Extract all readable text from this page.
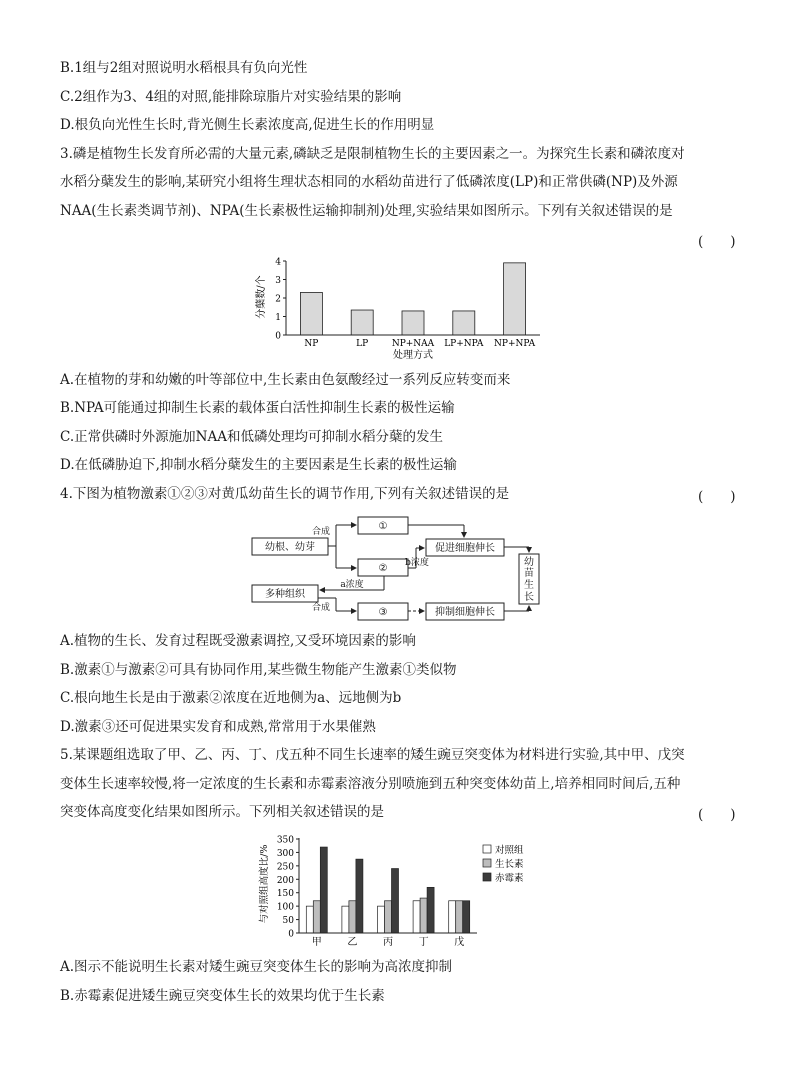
B.1组与2组对照说明水稻根具有负向光性
C.2组作为3、4组的对照,能排除琼脂片对实验结果的影响
D.根负向光性生长时,背光侧生长素浓度高,促进生长的作用明显
3.磷是植物生长发育所必需的大量元素,磷缺乏是限制植物生长的主要因素之一。为探究生长素和磷浓度对
水稻分蘖发生的影响,某研究小组将生理状态相同的水稻幼苗进行了低磷浓度(LP)和正常供磷(NP)及外源
NAA(生长素类调节剂)、NPA(生长素极性运输抑制剂)处理,实验结果如图所示。下列有关叙述错误的是
(　　)
分蘖数/个
0
1
2
3
4
NP	LP	NP+NAA LP+NPA NP+NPA
处理方式
A.在植物的芽和幼嫩的叶等部位中,生长素由色氨酸经过一系列反应转变而来
B.NPA可能通过抑制生长素的载体蛋白活性抑制生长素的极性运输
C.正常供磷时外源施加NAA和低磷处理均可抑制水稻分蘖的发生
D.在低磷胁迫下,抑制水稻分蘖发生的主要因素是生长素的极性运输
4.下图为植物激素①②③对黄瓜幼苗生长的调节作用,下列有关叙述错误的是	(　　)
幼根、幼芽
合成	①
② b浓度
a浓度
多种组织
合成	③
促进细胞伸长
抑制细胞伸长
幼
苗
生
长
A.植物的生长、发育过程既受激素调控,又受环境因素的影响
B.激素①与激素②可具有协同作用,某些微生物能产生激素①类似物
C.根向地生长是由于激素②浓度在近地侧为a、远地侧为b
D.激素③还可促进果实发育和成熟,常常用于水果催熟
5.某课题组选取了甲、乙、丙、丁、戊五种不同生长速率的矮生豌豆突变体为材料进行实验,其中甲、戊突
变体生长速率较慢,将一定浓度的生长素和赤霉素溶液分别喷施到五种突变体幼苗上,培养相同时间后,五种
突变体高度变化结果如图所示。下列相关叙述错误的是	(　　)
与对照组高度比/%
0
50
100
150
200
250
300
350
甲	乙	丙	丁	戊
对照组
生长素
赤霉素
A.图示不能说明生长素对矮生豌豆突变体生长的影响为高浓度抑制
B.赤霉素促进矮生豌豆突变体生长的效果均优于生长素
